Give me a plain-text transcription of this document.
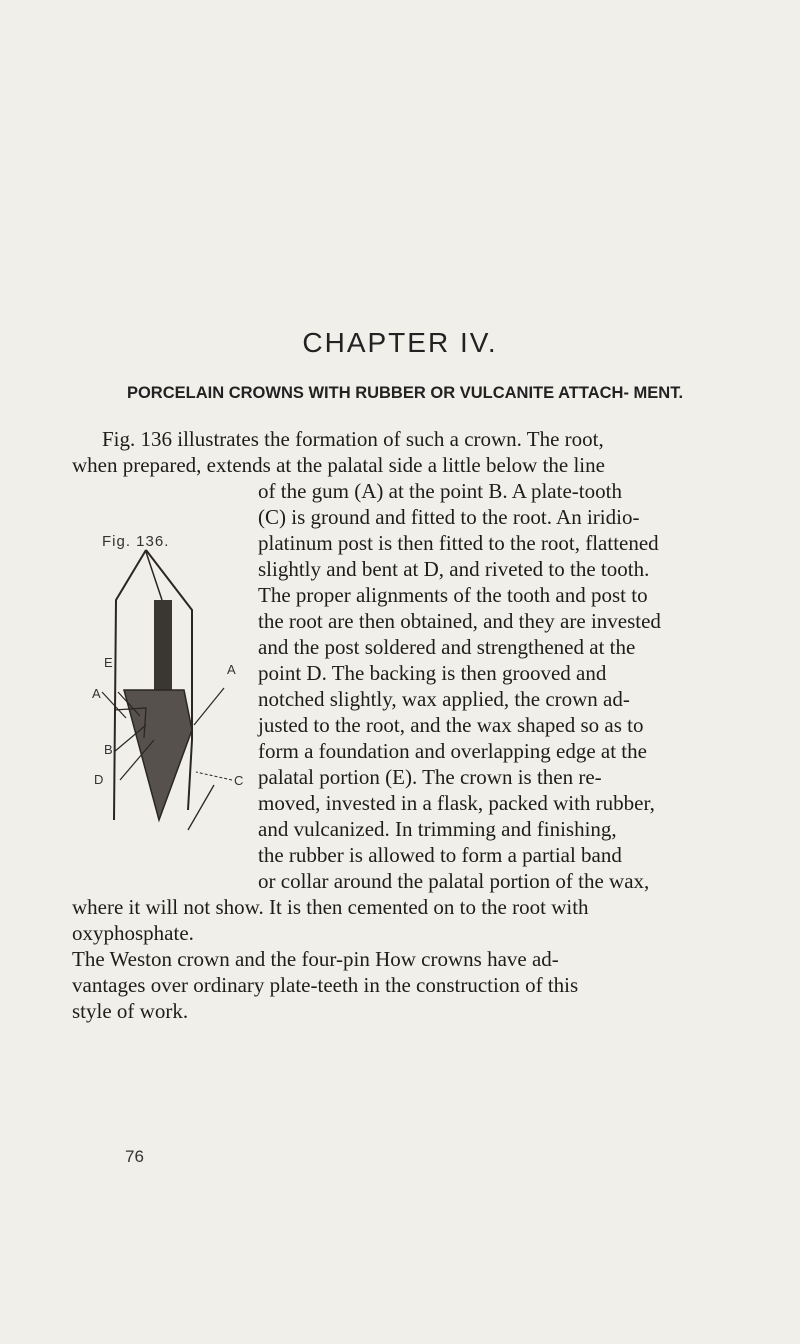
CHAPTER IV.
PORCELAIN CROWNS WITH RUBBER OR VULCANITE ATTACH- MENT.
Fig. 136 illustrates the formation of such a crown. The root,
when prepared, extends at the palatal side a little below the line
of the gum (A) at the point B. A plate-tooth
(C) is ground and fitted to the root. An iridio-
platinum post is then fitted to the root, flattened
slightly and bent at D, and riveted to the tooth.
The proper alignments of the tooth and post to
the root are then obtained, and they are invested
and the post soldered and strengthened at the
point D. The backing is then grooved and
notched slightly, wax applied, the crown ad-
justed to the root, and the wax shaped so as to
form a foundation and overlapping edge at the
palatal portion (E). The crown is then re-
moved, invested in a flask, packed with rubber,
and vulcanized. In trimming and finishing,
the rubber is allowed to form a partial band
or collar around the palatal portion of the wax,
where it will not show. It is then cemented on to the root with
oxyphosphate.
The Weston crown and the four-pin How crowns have ad-
vantages over ordinary plate-teeth in the construction of this
style of work.
Fig. 136.
E
A
B
D
A
C
76
